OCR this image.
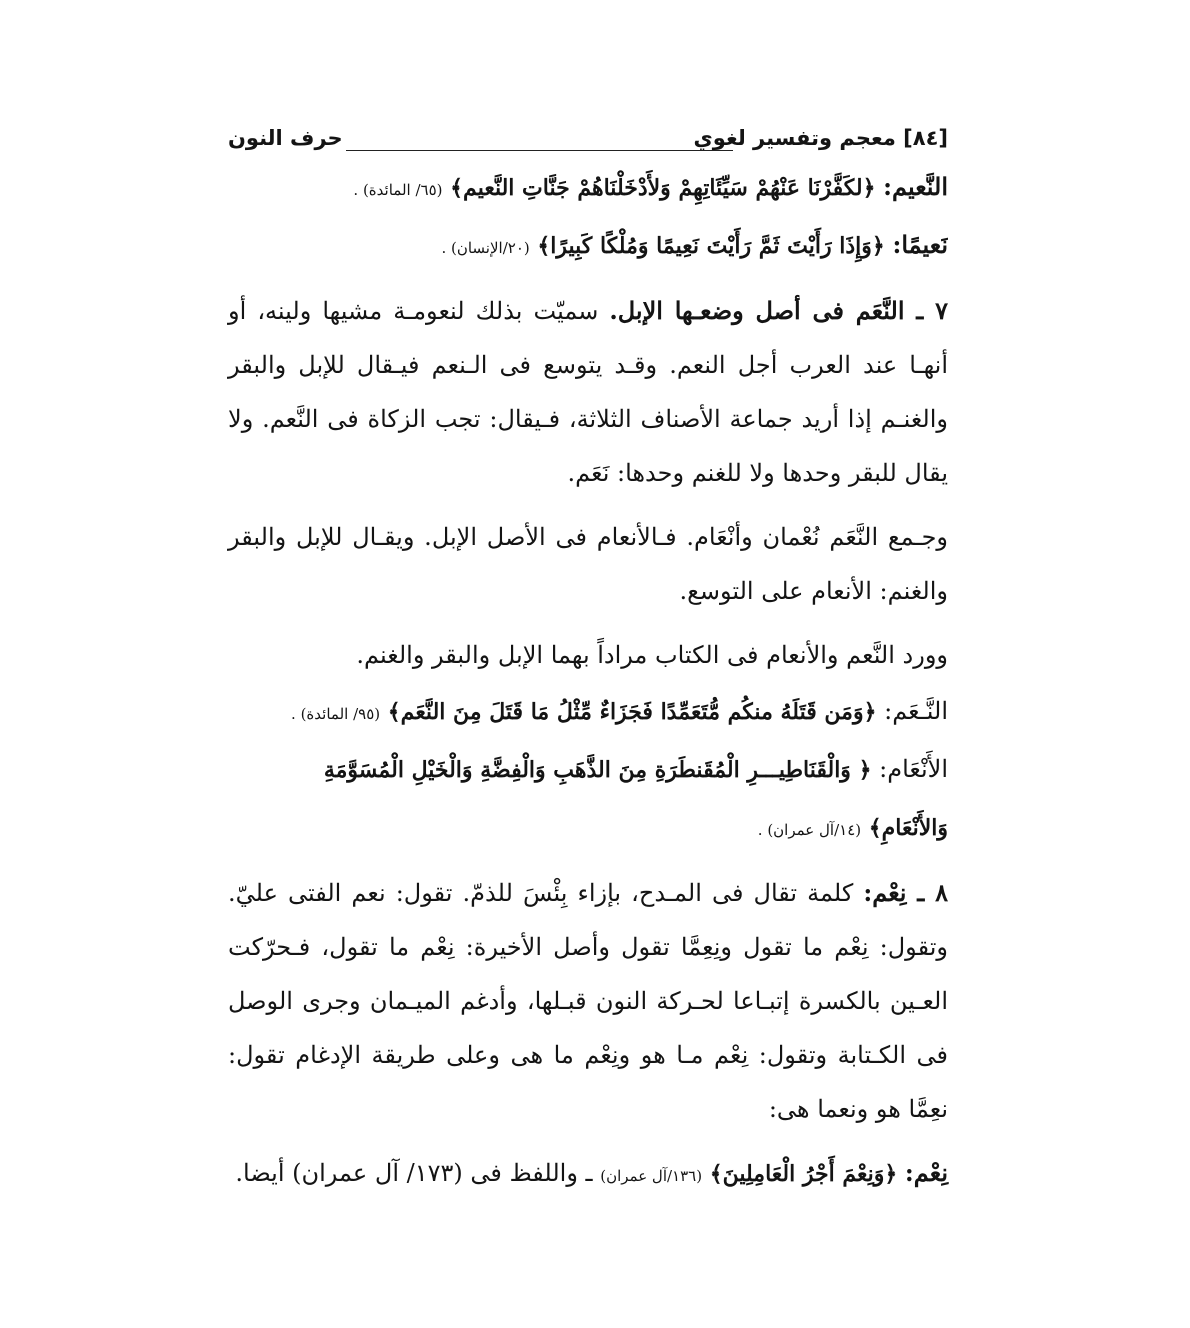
[٨٤] معجم وتفسير لغوي
حرف النون

النَّعيم: ﴿لكَفَّرْنَا عَنْهُمْ سَيِّئَاتِهِمْ وَلأَدْخَلْنَاهُمْ جَنَّاتِ النَّعيم﴾ (٦٥/ المائدة) .

نَعيمًا: ﴿وَإِذَا رَأَيْتَ ثَمَّ رَأَيْتَ نَعِيمًا وَمُلْكًا كَبِيرًا﴾ (٢٠/الإنسان) .

٧ ـ النَّعَم فى أصل وضعـها الإبل. سميّت بذلك لنعومـة مشيها ولينه، أو أنهـا عند العرب أجل النعم. وقـد يتوسع فى الـنعم فيـقال للإبل والبقر والغنـم إذا أريد جماعة الأصناف الثلاثة، فـيقال: تجب الزكاة فى النَّعم. ولا يقال للبقر وحدها ولا للغنم وحدها: نَعَم.

وجـمع النَّعَم نُعْمان وأنْعَام. فـالأنعام فى الأصل الإبل. ويقـال للإبل والبقر والغنم: الأنعام على التوسع.

وورد النَّعم والأنعام فى الكتاب مراداً بهما الإبل والبقر والغنم.

النَّـعَم: ﴿وَمَن قَتَلَهُ منكُم مُّتَعَمِّدًا فَجَزَاءٌ مِّثْلُ مَا قَتَلَ مِنَ النَّعَم﴾ (٩٥/ المائدة) .

الأَنْعَام: ﴿ وَالْقَنَاطِيـــرِ الْمُقَنطَرَةِ مِنَ الذَّهَبِ وَالْفِضَّةِ وَالْخَيْلِ الْمُسَوَّمَةِ

وَالأَنْعَامِ﴾ (١٤/آل عمران) .

٨ ـ نِعْم: كلمة تقال فى المـدح، بإزاء بِئْسَ للذمّ. تقول: نعم الفتى عليّ. وتقول: نِعْم ما تقول ونِعِمَّا تقول وأصل الأخيرة: نِعْم ما تقول، فـحرّكت العـين بالكسرة إتبـاعا لحـركة النون قبـلها، وأدغم الميـمان وجرى الوصل فى الكـتابة وتقول: نِعْم مـا هو ونِعْم ما هى وعلى طريقة الإدغام تقول: نعِمَّا هو ونعما هى:

نِعْم: ﴿وَنِعْمَ أَجْرُ الْعَامِلِينَ﴾ (١٣٦/آل عمران) ـ واللفظ فى (١٧٣/ آل عمران) أيضا.
